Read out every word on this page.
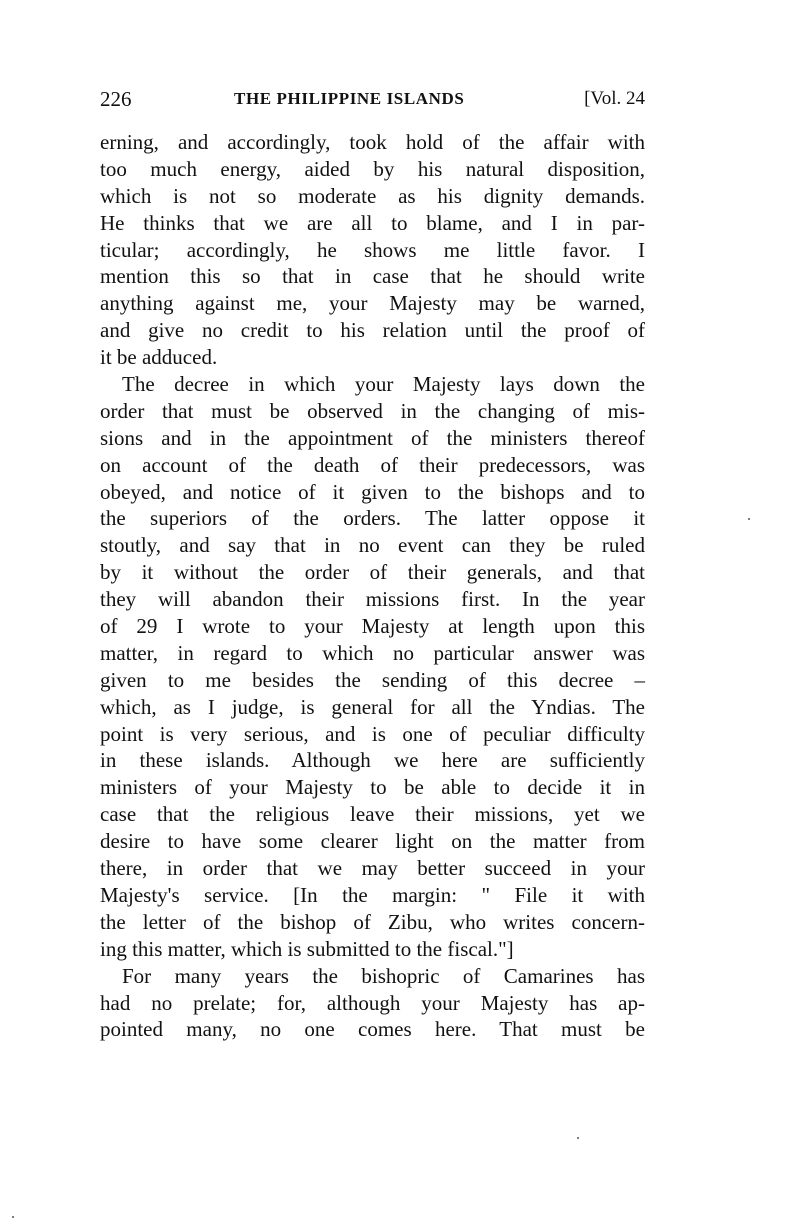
226	THE PHILIPPINE ISLANDS	[Vol. 24
erning, and accordingly, took hold of the affair with
too much energy, aided by his natural disposition,
which is not so moderate as his dignity demands.
He thinks that we are all to blame, and I in par-
ticular; accordingly, he shows me little favor. I
mention this so that in case that he should write
anything against me, your Majesty may be warned,
and give no credit to his relation until the proof of
it be adduced.
The decree in which your Majesty lays down the
order that must be observed in the changing of mis-
sions and in the appointment of the ministers thereof
on account of the death of their predecessors, was
obeyed, and notice of it given to the bishops and to
the superiors of the orders. The latter oppose it
stoutly, and say that in no event can they be ruled
by it without the order of their generals, and that
they will abandon their missions first. In the year
of 29 I wrote to your Majesty at length upon this
matter, in regard to which no particular answer was
given to me besides the sending of this decree –
which, as I judge, is general for all the Yndias. The
point is very serious, and is one of peculiar difficulty
in these islands. Although we here are sufficiently
ministers of your Majesty to be able to decide it in
case that the religious leave their missions, yet we
desire to have some clearer light on the matter from
there, in order that we may better succeed in your
Majesty's service. [In the margin: " File it with
the letter of the bishop of Zibu, who writes concern-
ing this matter, which is submitted to the fiscal."]
For many years the bishopric of Camarines has
had no prelate; for, although your Majesty has ap-
pointed many, no one comes here. That must be
